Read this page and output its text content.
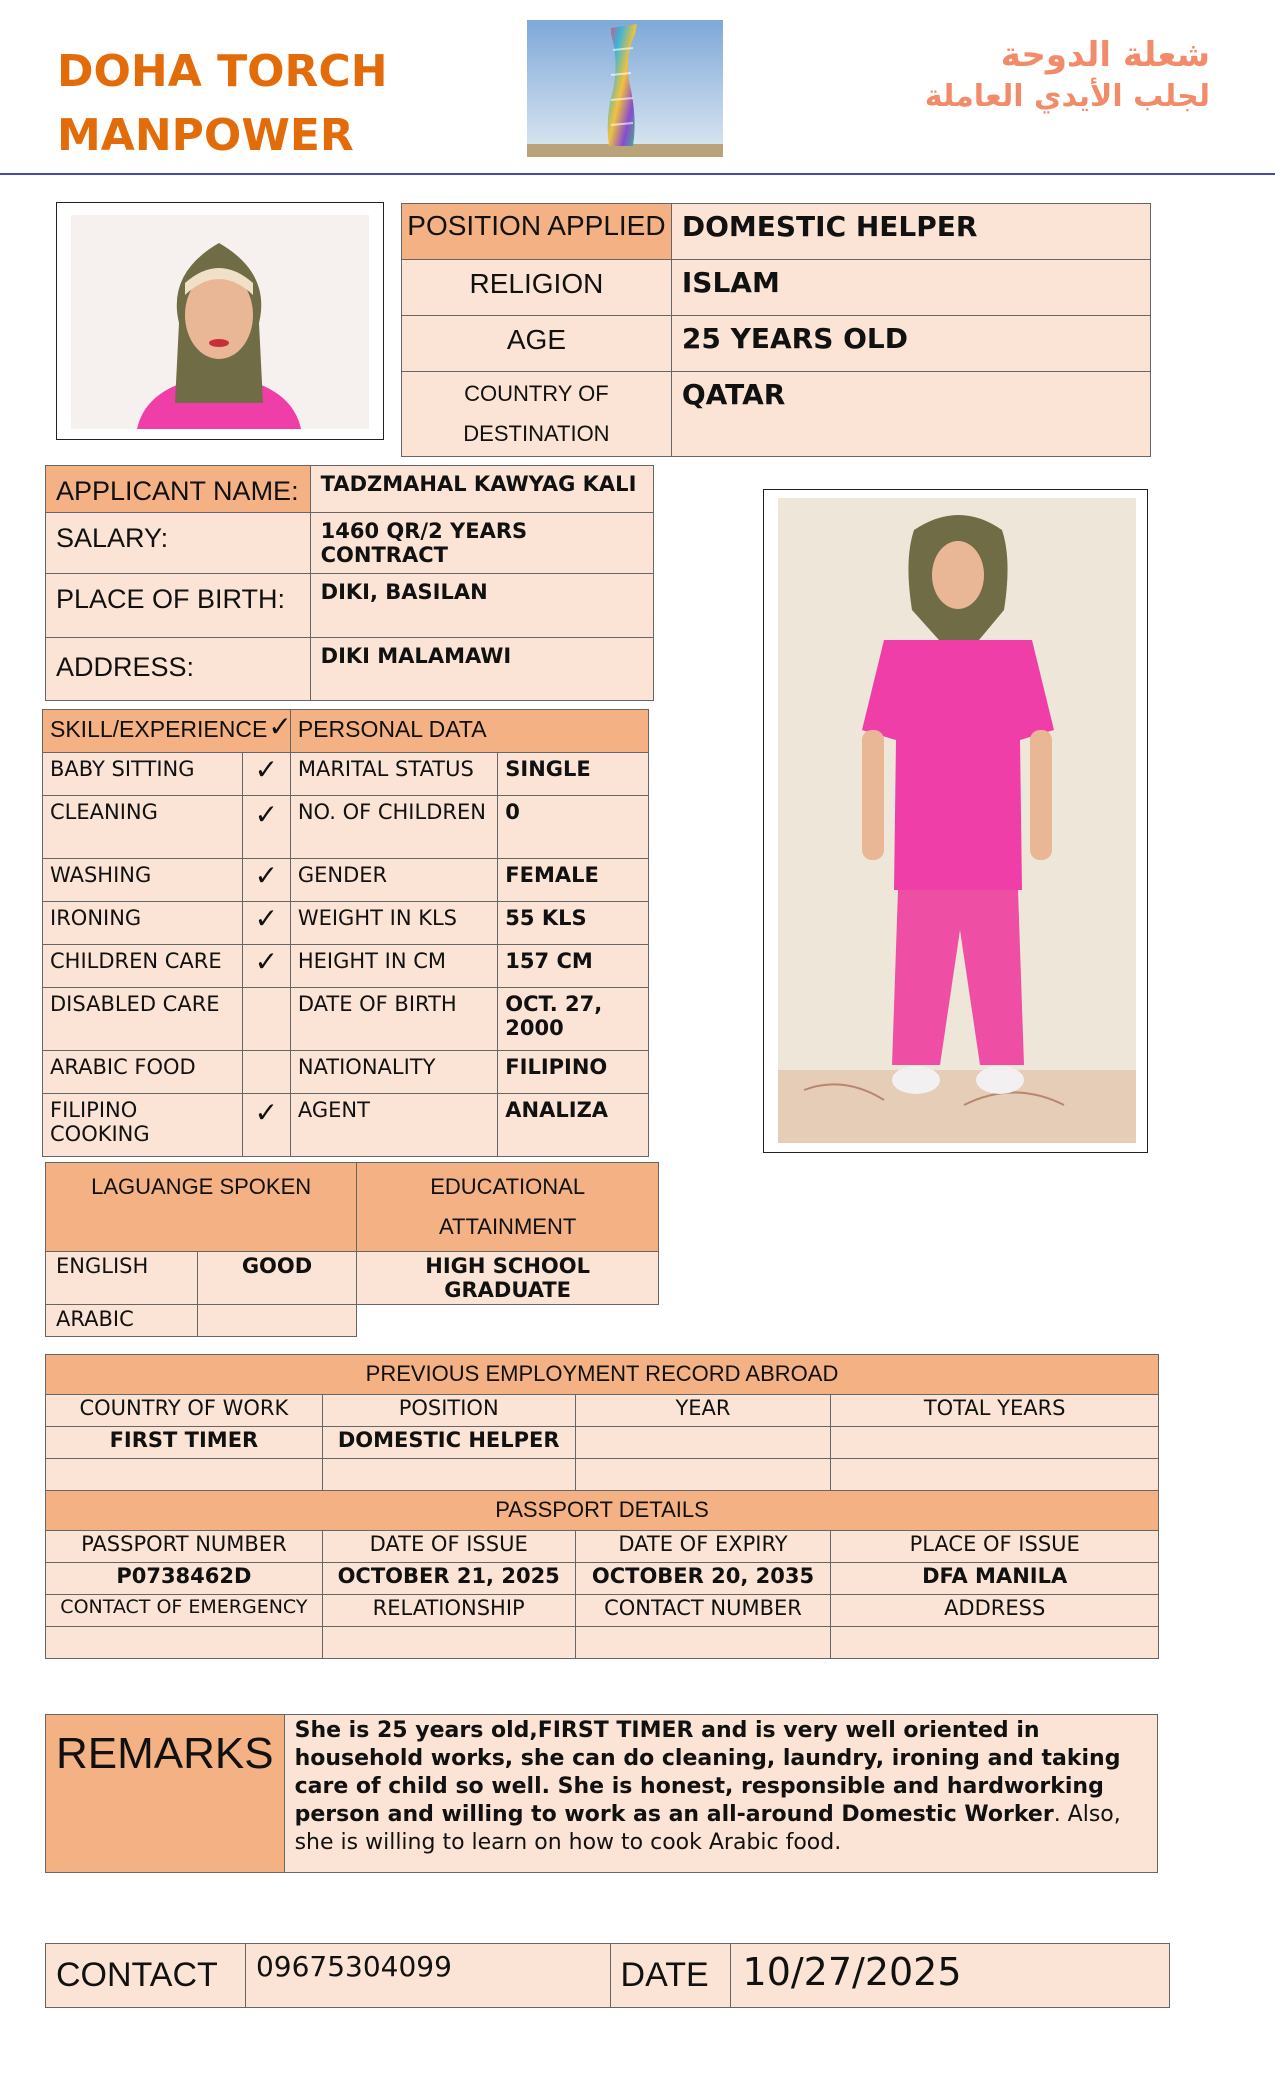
DOHA TORCH
MANPOWER
شعلة الدوحة
لجلب الأيدي العاملة
POSITION APPLIED	DOMESTIC HELPER
RELIGION	ISLAM
AGE	25 YEARS OLD
COUNTRY OF DESTINATION	QATAR
APPLICANT NAME:	TADZMAHAL KAWYAG KALI
SALARY:	1460 QR/2 YEARS CONTRACT
PLACE OF BIRTH:	DIKI, BASILAN
ADDRESS:	DIKI MALAMAWI
SKILL/EXPERIENCE ✓		PERSONAL DATA	
BABY SITTING	✓	MARITAL STATUS	SINGLE
CLEANING	✓	NO. OF CHILDREN	0
WASHING	✓	GENDER	FEMALE
IRONING	✓	WEIGHT IN KLS	55 KLS
CHILDREN CARE	✓	HEIGHT IN CM	157 CM
DISABLED CARE		DATE OF BIRTH	OCT. 27, 2000
ARABIC FOOD		NATIONALITY	FILIPINO
FILIPINO COOKING	✓	AGENT	ANALIZA
LAGUANGE SPOKEN		EDUCATIONAL ATTAINMENT
ENGLISH	GOOD	HIGH SCHOOL GRADUATE
ARABIC		
PREVIOUS EMPLOYMENT RECORD ABROAD			
COUNTRY OF WORK	POSITION	YEAR	TOTAL YEARS
FIRST TIMER	DOMESTIC HELPER		

PASSPORT DETAILS			
PASSPORT NUMBER	DATE OF ISSUE	DATE OF EXPIRY	PLACE OF ISSUE
P0738462D	OCTOBER 21, 2025	OCTOBER 20, 2035	DFA MANILA
CONTACT OF EMERGENCY	RELATIONSHIP	CONTACT NUMBER	ADDRESS

REMARKS	She is 25 years old,FIRST TIMER and is very well oriented in household works, she can do cleaning, laundry, ironing and taking care of child so well. She is honest, responsible and hardworking person and willing to work as an all-around Domestic Worker. Also, she is willing to learn on how to cook Arabic food.
CONTACT	09675304099	DATE	10/27/2025
